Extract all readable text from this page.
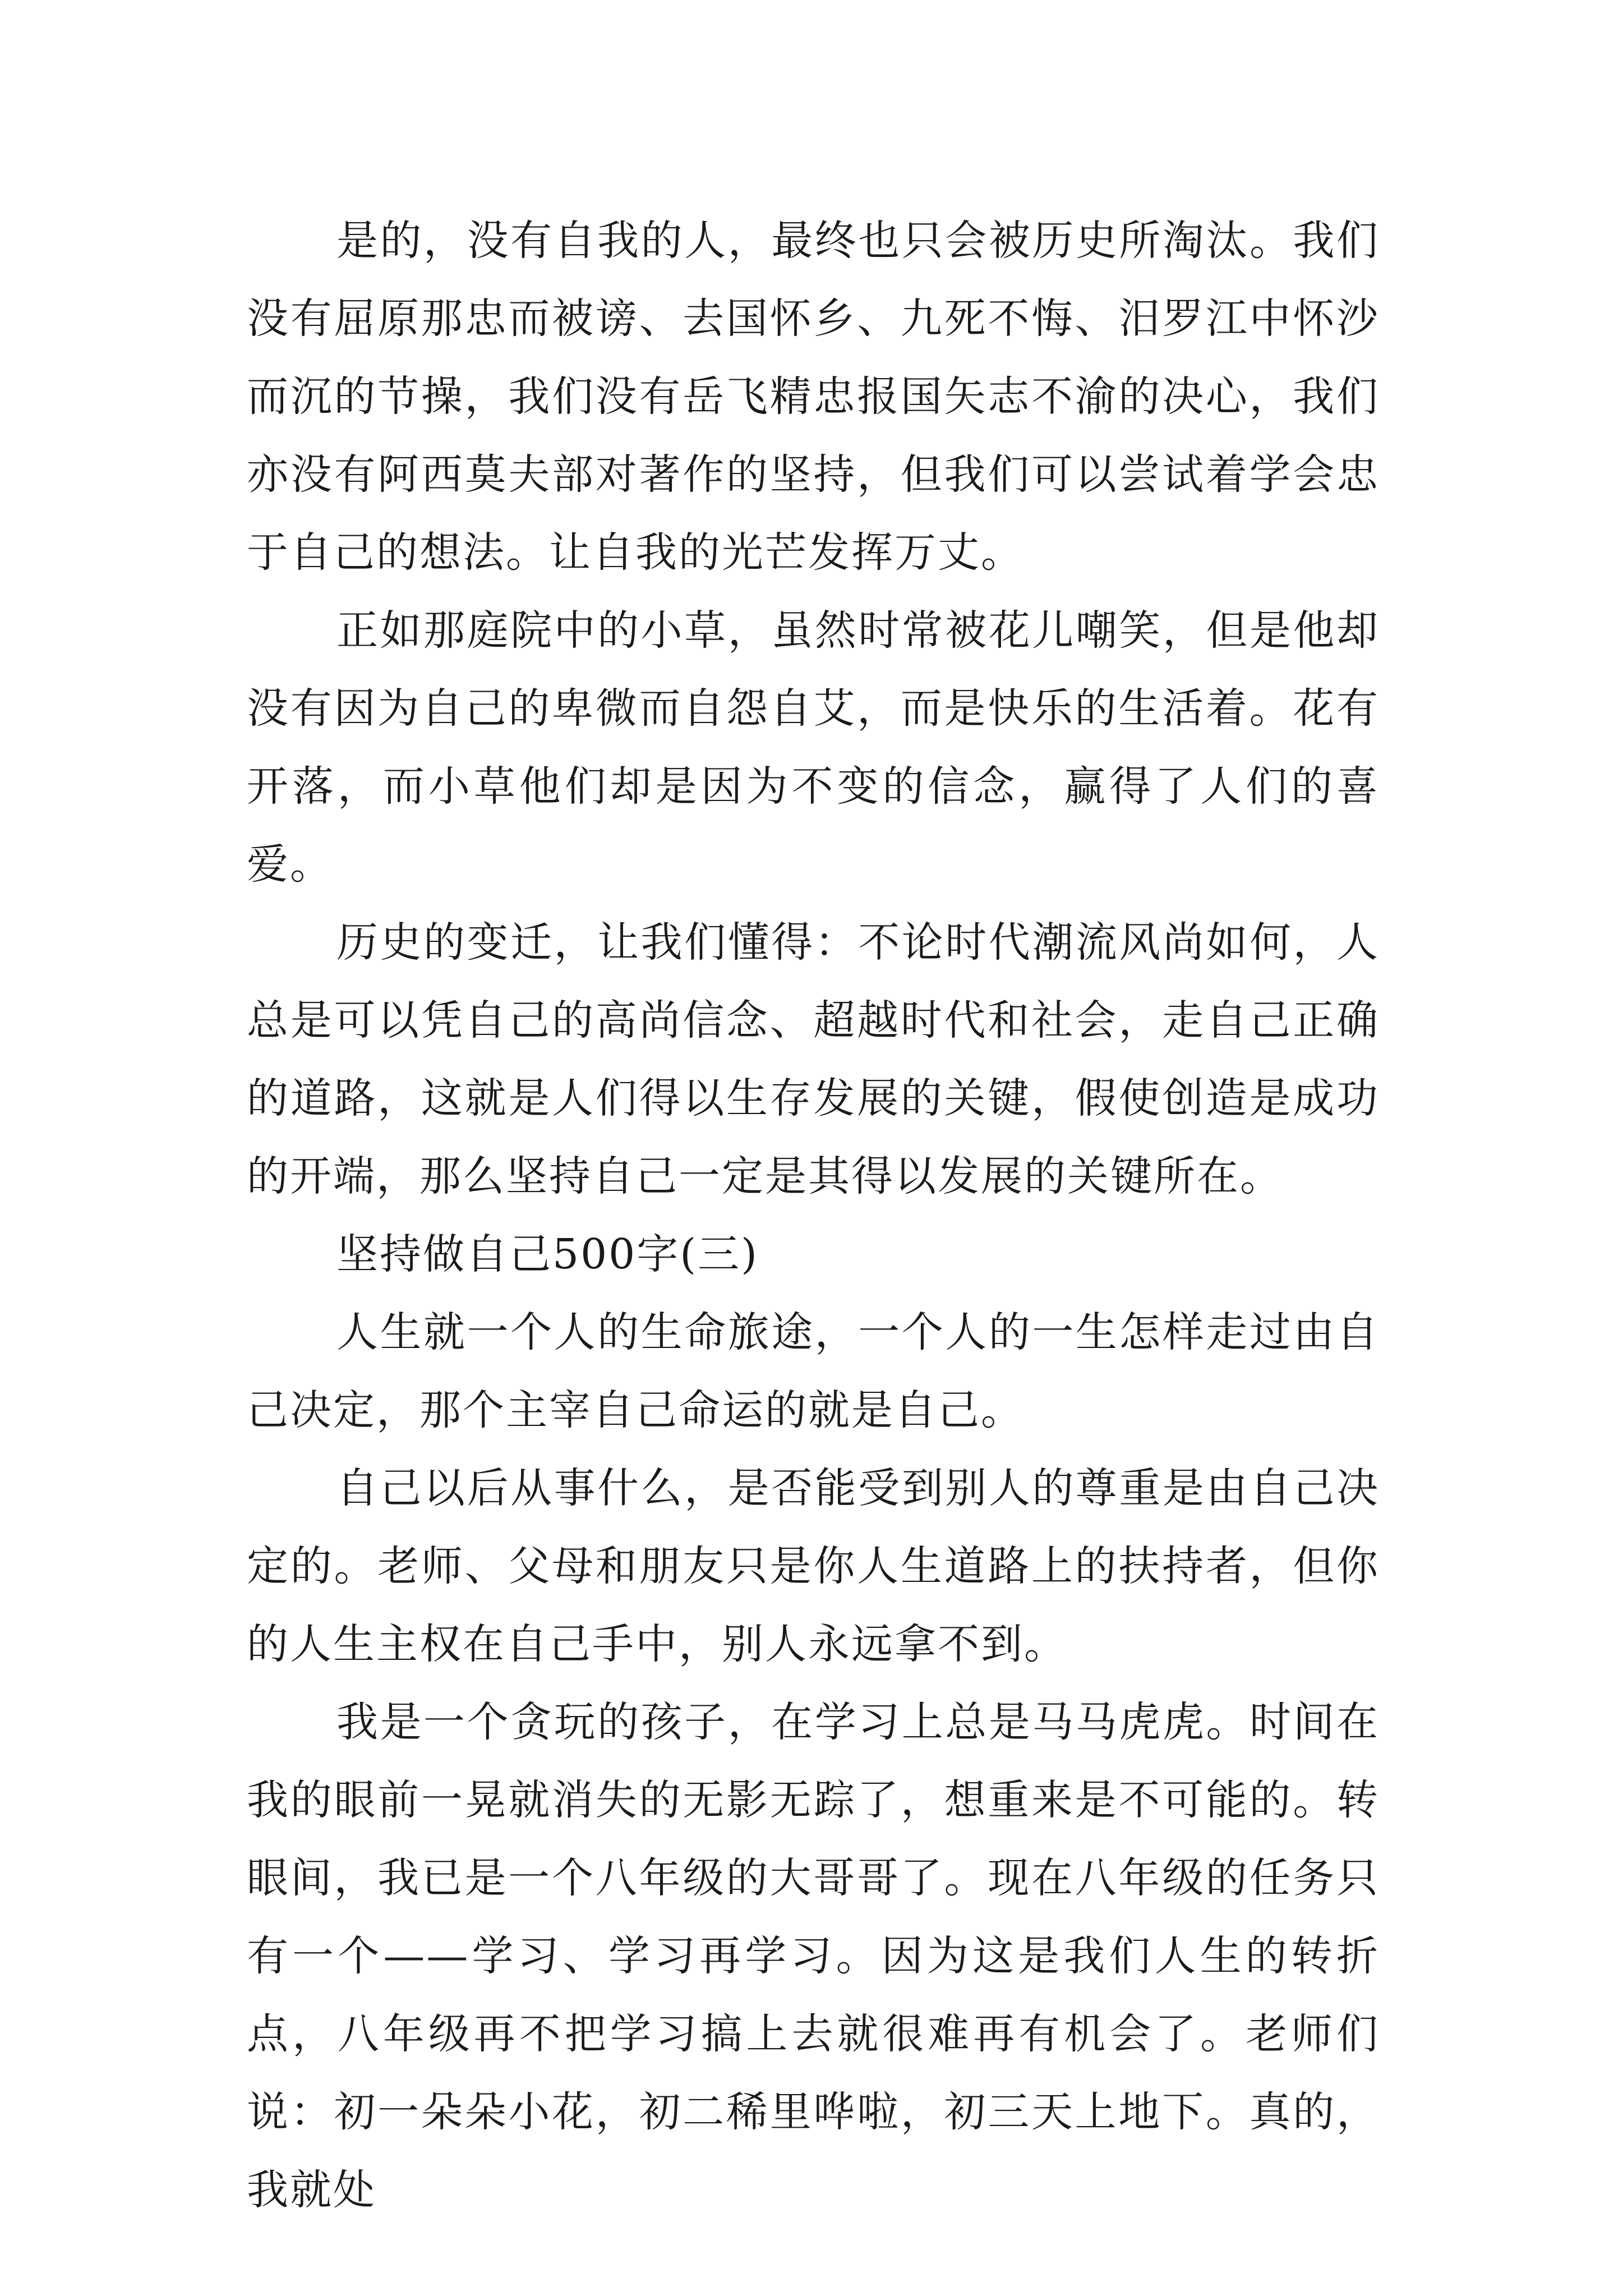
是的，没有自我的人，最终也只会被历史所淘汰。我们没有屈原那忠而被谤、去国怀乡、九死不悔、汨罗江中怀沙而沉的节操，我们没有岳飞精忠报国矢志不渝的决心，我们亦没有阿西莫夫部对著作的坚持，但我们可以尝试着学会忠于自己的想法。让自我的光芒发挥万丈。

正如那庭院中的小草，虽然时常被花儿嘲笑，但是他却没有因为自己的卑微而自怨自艾，而是快乐的生活着。花有开落，而小草他们却是因为不变的信念，赢得了人们的喜爱。

历史的变迁，让我们懂得：不论时代潮流风尚如何，人总是可以凭自己的高尚信念、超越时代和社会，走自己正确的道路，这就是人们得以生存发展的关键，假使创造是成功的开端，那么坚持自己一定是其得以发展的关键所在。

坚持做自己500字(三)

人生就一个人的生命旅途，一个人的一生怎样走过由自己决定，那个主宰自己命运的就是自己。

自己以后从事什么，是否能受到别人的尊重是由自己决定的。老师、父母和朋友只是你人生道路上的扶持者，但你的人生主权在自己手中，别人永远拿不到。

我是一个贪玩的孩子，在学习上总是马马虎虎。时间在我的眼前一晃就消失的无影无踪了，想重来是不可能的。转眼间，我已是一个八年级的大哥哥了。现在八年级的任务只有一个——学习、学习再学习。因为这是我们人生的转折点，八年级再不把学习搞上去就很难再有机会了。老师们说：初一朵朵小花，初二稀里哗啦，初三天上地下。真的，我就处
